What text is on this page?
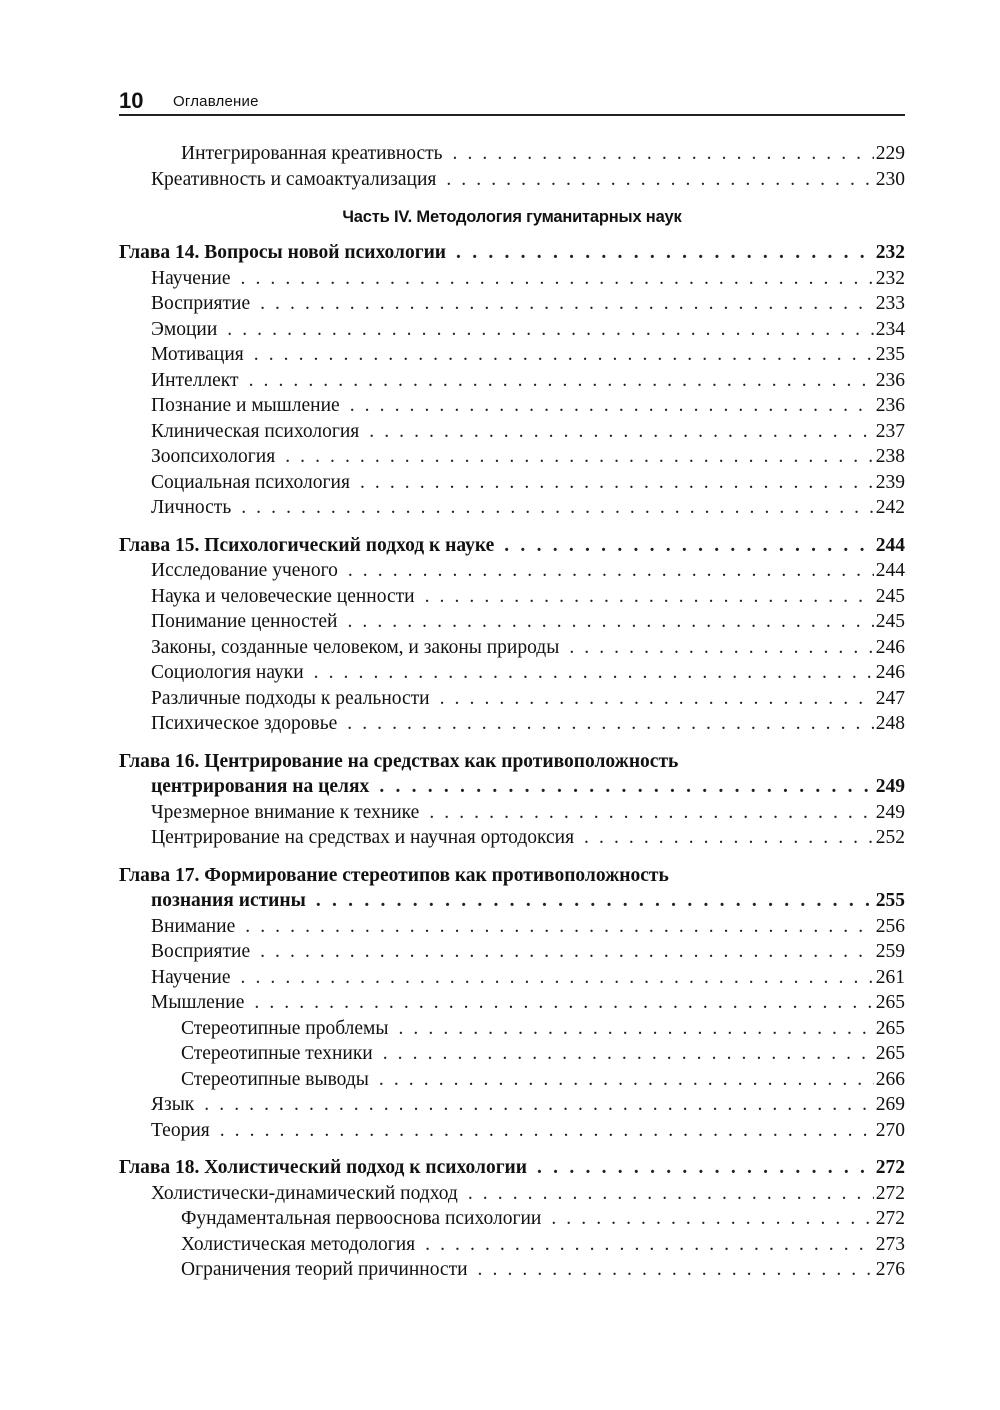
10 Оглавление
Интегрированная креативность . . .	229
Креативность и самоактуализация . . .	230
Часть IV. Методология гуманитарных наук
Глава 14. Вопросы новой психологии . . .	232
Научение . . .	232
Восприятие . . .	233
Эмоции . . .	234
Мотивация . . .	235
Интеллект . . .	236
Познание и мышление . . .	236
Клиническая психология . . .	237
Зоопсихология . . .	238
Социальная психология . . .	239
Личность . . .	242
Глава 15. Психологический подход к науке . . .	244
Исследование ученого . . .	244
Наука и человеческие ценности . . .	245
Понимание ценностей . . .	245
Законы, созданные человеком, и законы природы . . .	246
Социология науки . . .	246
Различные подходы к реальности . . .	247
Психическое здоровье . . .	248
Глава 16. Центрирование на средствах как противоположность
центрирования на целях . . .	249
Чрезмерное внимание к технике . . .	249
Центрирование на средствах и научная ортодоксия . . .	252
Глава 17. Формирование стереотипов как противоположность
познания истины . . .	255
Внимание . . .	256
Восприятие . . .	259
Научение . . .	261
Мышление . . .	265
Стереотипные проблемы . . .	265
Стереотипные техники . . .	265
Стереотипные выводы . . .	266
Язык . . .	269
Теория . . .	270
Глава 18. Холистический подход к психологии . . .	272
Холистически-динамический подход . . .	272
Фундаментальная первооснова психологии . . .	272
Холистическая методология . . .	273
Ограничения теорий причинности . . .	276
